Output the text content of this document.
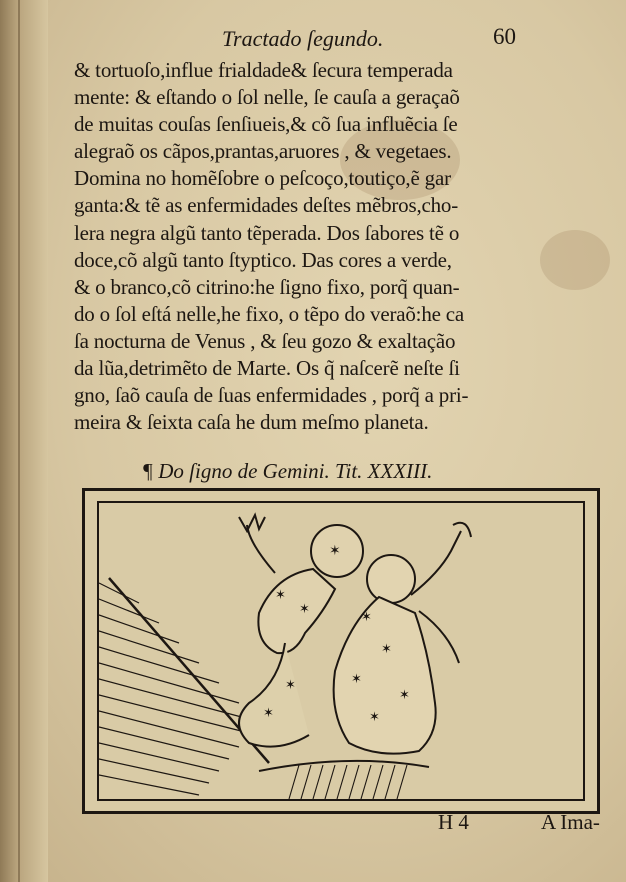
Tractado ſegundo.	60
& tortuoſo,influe frialdade& ſecura temperada
mente: & eſtando o ſol nelle, ſe cauſa a geraçaõ
de muitas couſas ſenſiueis,& cõ ſua influẽcia ſe
alegraõ os cãpos,prantas,aruores , & vegetaes.
Domina no homẽſobre o peſcoço,toutiço,ẽ gar
ganta:& tẽ as enfermidades deſtes mẽbros,cho-
lera negra algũ tanto tẽperada. Dos ſabores tẽ o
doce,cõ algũ tanto ſtyptico. Das cores a verde,
& o branco,cõ citrino:he ſigno fixo, porq̃ quan-
do o ſol eſtá nelle,he fixo, o tẽpo do veraõ:he ca
ſa nocturna de Venus , & ſeu gozo & exaltação
da lũa,detrimẽto de Marte. Os q̃ naſcerẽ neſte ſi
gno, ſaõ cauſa de ſuas enfermidades , porq̃ a pri-
meira & ſeixta caſa he dum meſmo planeta.
¶ Do ſigno de Gemini. Tit. XXXIII.
✶
✶
✶
✶
✶
✶
✶
✶
✶
✶
H 4	A Ima-
